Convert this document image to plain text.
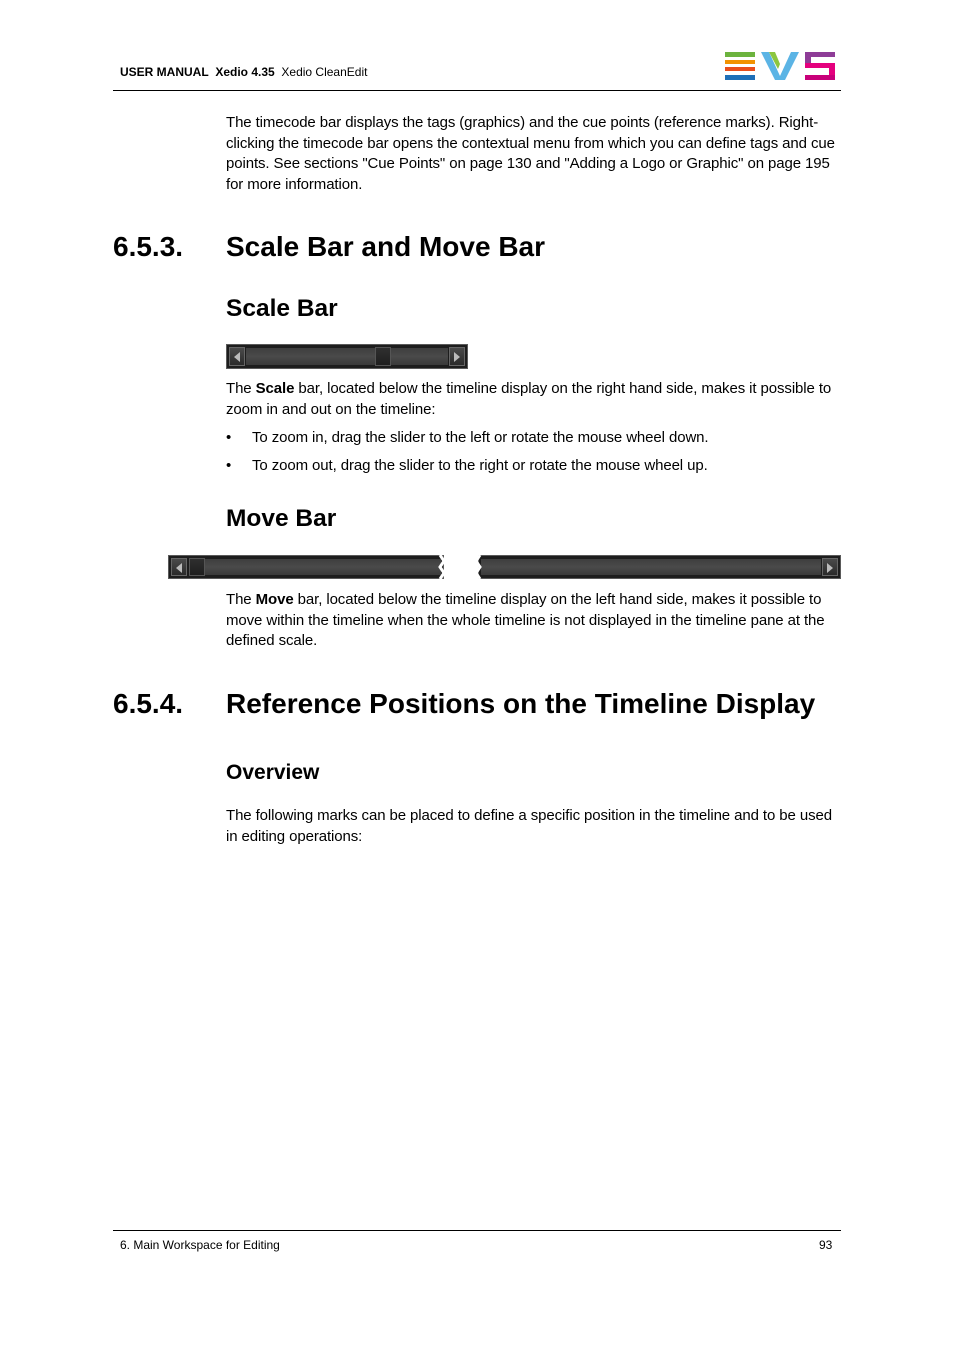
USER MANUAL Xedio 4.35 Xedio CleanEdit
The timecode bar displays the tags (graphics) and the cue points (reference marks). Right-clicking the timecode bar opens the contextual menu from which you can define tags and cue points. See sections "Cue Points" on page 130 and "Adding a Logo or Graphic" on page 195 for more information.
6.5.3. Scale Bar and Move Bar
Scale Bar
The Scale bar, located below the timeline display on the right hand side, makes it possible to zoom in and out on the timeline:
• To zoom in, drag the slider to the left or rotate the mouse wheel down.
• To zoom out, drag the slider to the right or rotate the mouse wheel up.
Move Bar
The Move bar, located below the timeline display on the left hand side, makes it possible to move within the timeline when the whole timeline is not displayed in the timeline pane at the defined scale.
6.5.4. Reference Positions on the Timeline Display
Overview
The following marks can be placed to define a specific position in the timeline and to be used in editing operations:
6. Main Workspace for Editing	93
